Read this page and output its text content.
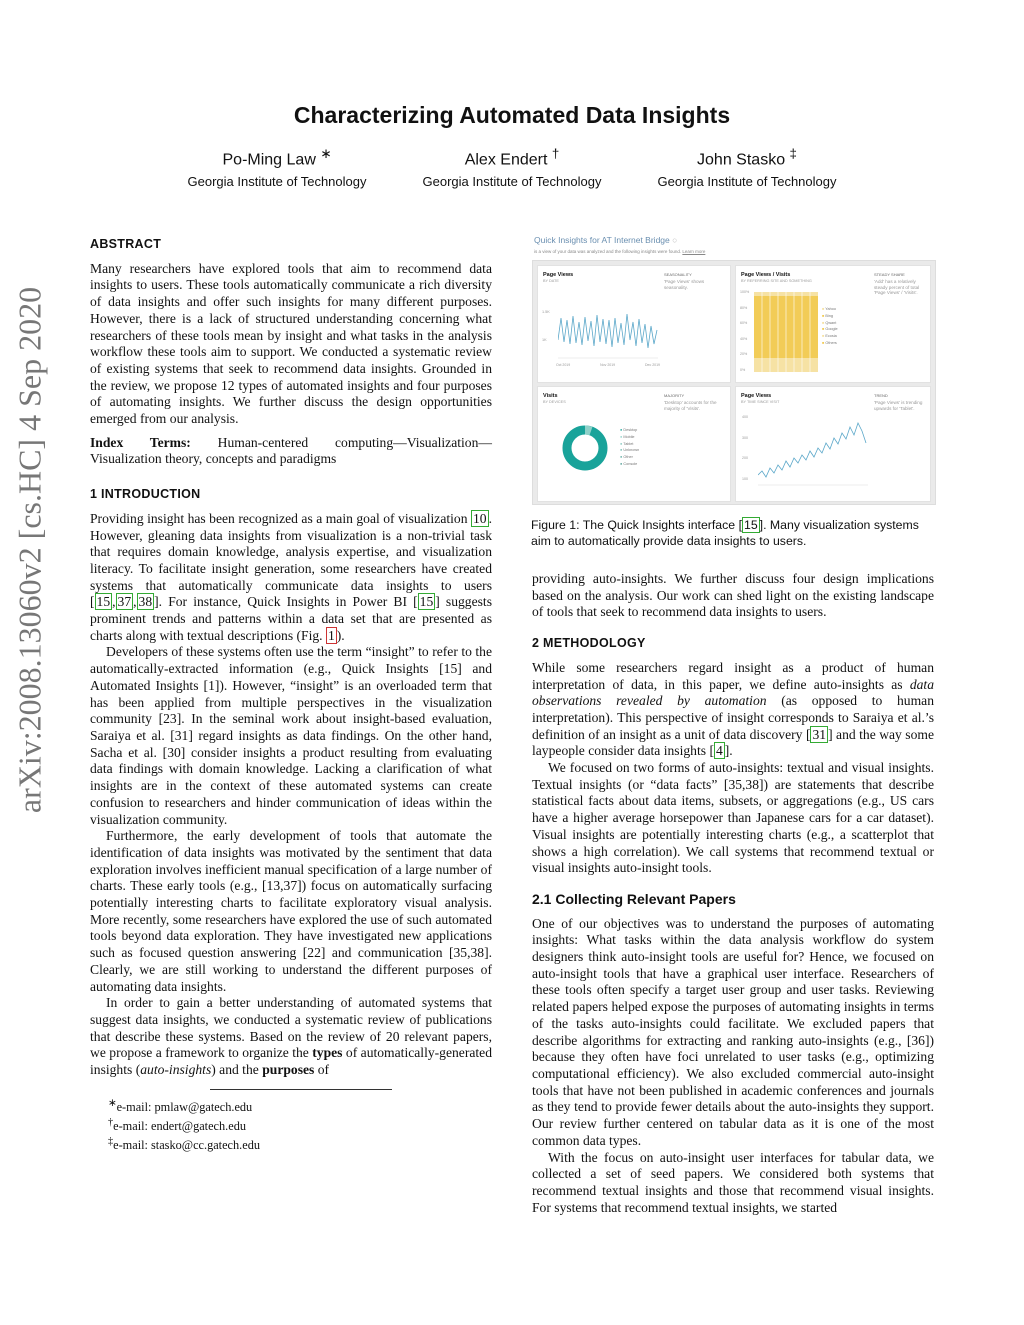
Characterizing Automated Data Insights
Po-Ming Law ∗
Georgia Institute of Technology
Alex Endert †
Georgia Institute of Technology
John Stasko ‡
Georgia Institute of Technology
arXiv:2008.13060v2 [cs.HC] 4 Sep 2020
ABSTRACT

Many researchers have explored tools that aim to recommend data insights to users. These tools automatically communicate a rich diversity of data insights and offer such insights for many different purposes. However, there is a lack of structured understanding concerning what researchers of these tools mean by insight and what tasks in the analysis workflow these tools aim to support. We conducted a systematic review of existing systems that seek to recommend data insights. Grounded in the review, we propose 12 types of automated insights and four purposes of automating insights. We further discuss the design opportunities emerged from our analysis.

Index Terms: Human-centered computing—Visualization—Visualization theory, concepts and paradigms

1 INTRODUCTION

Providing insight has been recognized as a main goal of visualization 10 . However, gleaning data insights from visualization is a non-trivial task that requires domain knowledge, analysis expertise, and visualization literacy. To facilitate insight generation, some researchers have created systems that automatically communicate data insights to users [ 15 , 37 , 38 ]. For instance, Quick Insights in Power BI [ 15 ] suggests prominent trends and patterns within a data set that are presented as charts along with textual descriptions (Fig. 1 ).

Developers of these systems often use the term “insight” to refer to the automatically-extracted information (e.g., Quick Insights [15] and Automated Insights [1]). However, “insight” is an overloaded term that has been applied from multiple perspectives in the visualization community [23]. In the seminal work about insight-based evaluation, Saraiya et al. [31] regard insights as data findings. On the other hand, Sacha et al. [30] consider insights a product resulting from evaluating data findings with domain knowledge. Lacking a clarification of what insights are in the context of these automated systems can create confusion to researchers and hinder communication of ideas within the visualization community.

Furthermore, the early development of tools that automate the identification of data insights was motivated by the sentiment that data exploration involves inefficient manual specification of a large number of charts. These early tools (e.g., [13,37]) focus on automatically surfacing potentially interesting charts to facilitate exploratory visual analysis. More recently, some researchers have explored the use of such automated tools beyond data exploration. They have investigated new applications such as focused question answering [22] and communication [35,38]. Clearly, we are still working to understand the different purposes of automating data insights.

In order to gain a better understanding of automated systems that suggest data insights, we conducted a systematic review of publications that describe these systems. Based on the review of 20 relevant papers, we propose a framework to organize the types of automatically-generated insights (auto-insights) and the purposes of

∗e-mail: pmlaw@gatech.edu
†e-mail: endert@gatech.edu
‡e-mail: stasko@cc.gatech.edu
Quick Insights for AT Internet Bridge ○
is a view of your data was analyzed and the following insights were found. Learn more
Page Views
BY DATE
SEASONALITY
'Page Views' shows seasonality.
1.5K
1K
Oct 2019	Nov 2019	Dec 2019
Page Views / Visits
BY REFERRING SITE AND SOMETHING
STEADY SHARE
'Add' has a relatively steady percent of total 'Page Views' / 'Visits'.
100%
80%
60%
40%
20%
0%
■ Yahoo
■ Bing
■ Qwant
■ Google
■ Ecosia
■ Others
Visits
BY DEVICES
MAJORITY
'Desktop' accounts for the majority of 'Visits'.
● Desktop
● Mobile
● Tablet
● Unknown
● Other
● Console
Page Views
BY TIME SINCE VISIT
TREND
'Page Views' is trending upwards for 'Tablet'.
400
300
200
100
Figure 1: The Quick Insights interface [ 15 ]. Many visualization systems aim to automatically provide data insights to users.

providing auto-insights. We further discuss four design implications based on the analysis. Our work can shed light on the existing landscape of tools that seek to recommend data insights to users.

2 METHODOLOGY

While some researchers regard insight as a product of human interpretation of data, in this paper, we define auto-insights as data observations revealed by automation (as opposed to human interpretation). This perspective of insight corresponds to Saraiya et al.’s definition of an insight as a unit of data discovery [ 31 ] and the way some laypeople consider data insights [ 4 ].

We focused on two forms of auto-insights: textual and visual insights. Textual insights (or “data facts” [35,38]) are statements that describe statistical facts about data items, subsets, or aggregations (e.g., US cars have a higher average horsepower than Japanese cars for a car dataset). Visual insights are potentially interesting charts (e.g., a scatterplot that shows a high correlation). We call systems that recommend textual or visual insights auto-insight tools.

2.1 Collecting Relevant Papers

One of our objectives was to understand the purposes of automating insights: What tasks within the data analysis workflow do system designers think auto-insight tools are useful for? Hence, we focused on auto-insight tools that have a graphical user interface. Researchers of these tools often specify a target user group and user tasks. Reviewing related papers helped expose the purposes of automating insights in terms of the tasks auto-insights could facilitate. We excluded papers that describe algorithms for extracting and ranking auto-insights (e.g., [36]) because they often have foci unrelated to user tasks (e.g., optimizing computational efficiency). We also excluded commercial auto-insight tools that have not been published in academic conferences and journals as they tend to provide fewer details about the auto-insights they support. Our review further centered on tabular data as it is one of the most common data types.

With the focus on auto-insight user interfaces for tabular data, we collected a set of seed papers. We considered both systems that recommend textual insights and those that recommend visual insights. For systems that recommend textual insights, we started
